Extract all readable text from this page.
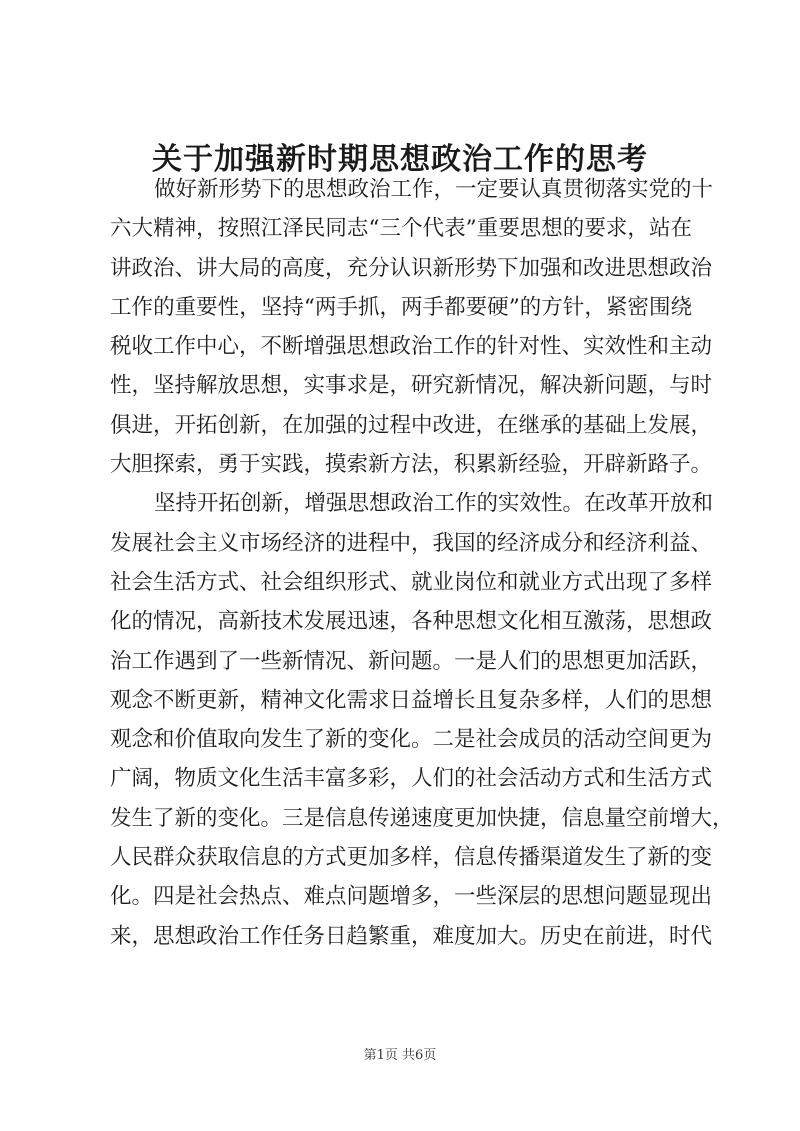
关于加强新时期思想政治工作的思考
做好新形势下的思想政治工作，一定要认真贯彻落实党的十
六大精神，按照江泽民同志“三个代表”重要思想的要求，站在
讲政治、讲大局的高度，充分认识新形势下加强和改进思想政治
工作的重要性，坚持“两手抓，两手都要硬”的方针，紧密围绕
税收工作中心，不断增强思想政治工作的针对性、实效性和主动
性，坚持解放思想，实事求是，研究新情况，解决新问题，与时
俱进，开拓创新，在加强的过程中改进，在继承的基础上发展，
大胆探索，勇于实践，摸索新方法，积累新经验，开辟新路子。
坚持开拓创新，增强思想政治工作的实效性。在改革开放和
发展社会主义市场经济的进程中，我国的经济成分和经济利益、
社会生活方式、社会组织形式、就业岗位和就业方式出现了多样
化的情况，高新技术发展迅速，各种思想文化相互激荡，思想政
治工作遇到了一些新情况、新问题。一是人们的思想更加活跃，
观念不断更新，精神文化需求日益增长且复杂多样，人们的思想
观念和价值取向发生了新的变化。二是社会成员的活动空间更为
广阔，物质文化生活丰富多彩，人们的社会活动方式和生活方式
发生了新的变化。三是信息传递速度更加快捷，信息量空前增大，
人民群众获取信息的方式更加多样，信息传播渠道发生了新的变
化。四是社会热点、难点问题增多，一些深层的思想问题显现出
来，思想政治工作任务日趋繁重，难度加大。历史在前进，时代
第1页 共6页
